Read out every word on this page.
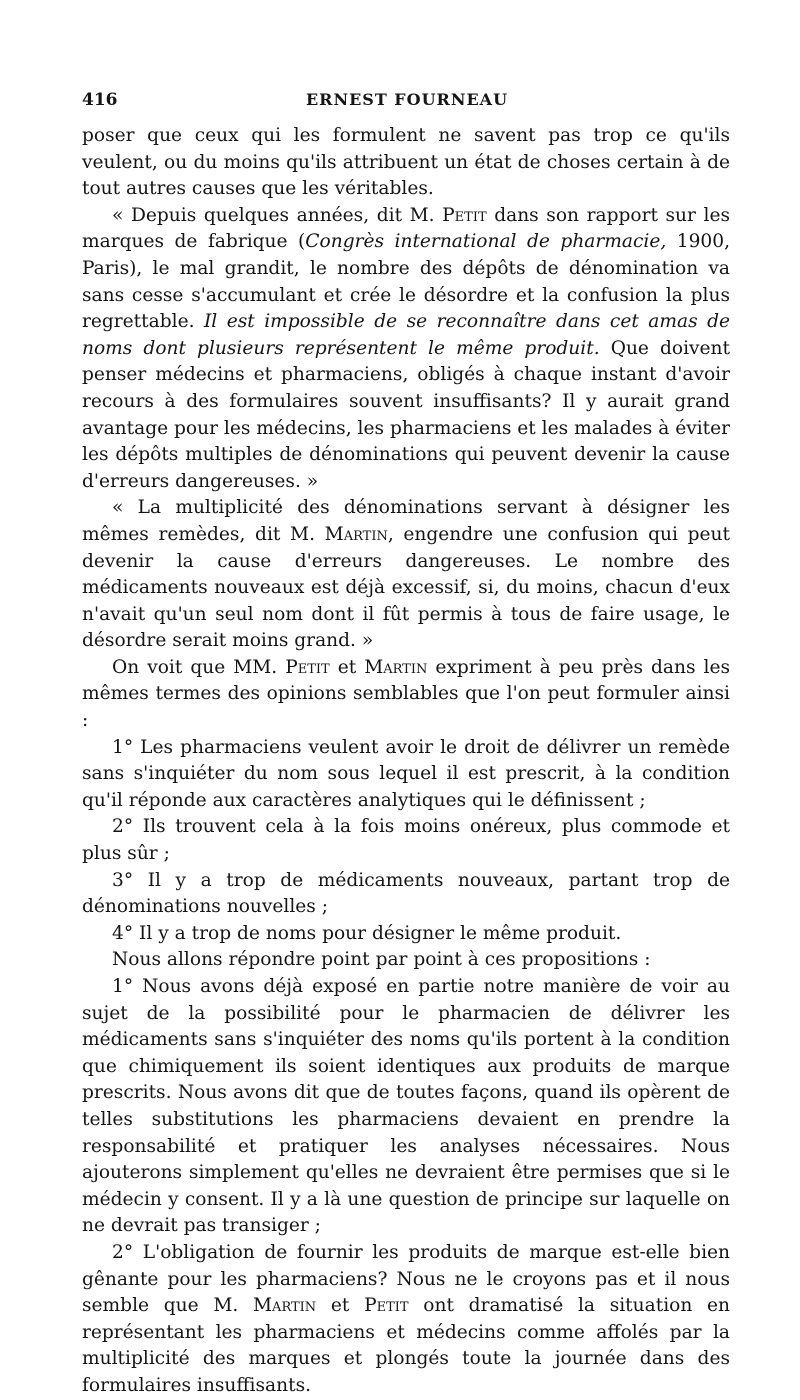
416	ERNEST FOURNEAU

poser que ceux qui les formulent ne savent pas trop ce qu'ils veulent, ou du moins qu'ils attribuent un état de choses certain à de tout autres causes que les véritables.

« Depuis quelques années, dit M. Petit dans son rapport sur les marques de fabrique (Congrès international de pharmacie, 1900, Paris), le mal grandit, le nombre des dépôts de dénomination va sans cesse s'accumulant et crée le désordre et la confusion la plus regrettable. Il est impossible de se reconnaître dans cet amas de noms dont plusieurs représentent le même produit. Que doivent penser médecins et pharmaciens, obligés à chaque instant d'avoir recours à des formulaires souvent insuffisants? Il y aurait grand avantage pour les médecins, les pharmaciens et les malades à éviter les dépôts multiples de dénominations qui peuvent devenir la cause d'erreurs dangereuses. »

« La multiplicité des dénominations servant à désigner les mêmes remèdes, dit M. Martin, engendre une confusion qui peut devenir la cause d'erreurs dangereuses. Le nombre des médicaments nouveaux est déjà excessif, si, du moins, chacun d'eux n'avait qu'un seul nom dont il fût permis à tous de faire usage, le désordre serait moins grand. »

On voit que MM. Petit et Martin expriment à peu près dans les mêmes termes des opinions semblables que l'on peut formuler ainsi :

1° Les pharmaciens veulent avoir le droit de délivrer un remède sans s'inquiéter du nom sous lequel il est prescrit, à la condition qu'il réponde aux caractères analytiques qui le définissent ;

2° Ils trouvent cela à la fois moins onéreux, plus commode et plus sûr ;

3° Il y a trop de médicaments nouveaux, partant trop de dénominations nouvelles ;

4° Il y a trop de noms pour désigner le même produit.

Nous allons répondre point par point à ces propositions :

1° Nous avons déjà exposé en partie notre manière de voir au sujet de la possibilité pour le pharmacien de délivrer les médicaments sans s'inquiéter des noms qu'ils portent à la condition que chimiquement ils soient identiques aux produits de marque prescrits. Nous avons dit que de toutes façons, quand ils opèrent de telles substitutions les pharmaciens devaient en prendre la responsabilité et pratiquer les analyses nécessaires. Nous ajouterons simplement qu'elles ne devraient être permises que si le médecin y consent. Il y a là une question de principe sur laquelle on ne devrait pas transiger ;

2° L'obligation de fournir les produits de marque est-elle bien gênante pour les pharmaciens? Nous ne le croyons pas et il nous semble que M. Martin et Petit ont dramatisé la situation en représentant les pharmaciens et médecins comme affolés par la multiplicité des marques et plongés toute la journée dans des formulaires insuffisants.
